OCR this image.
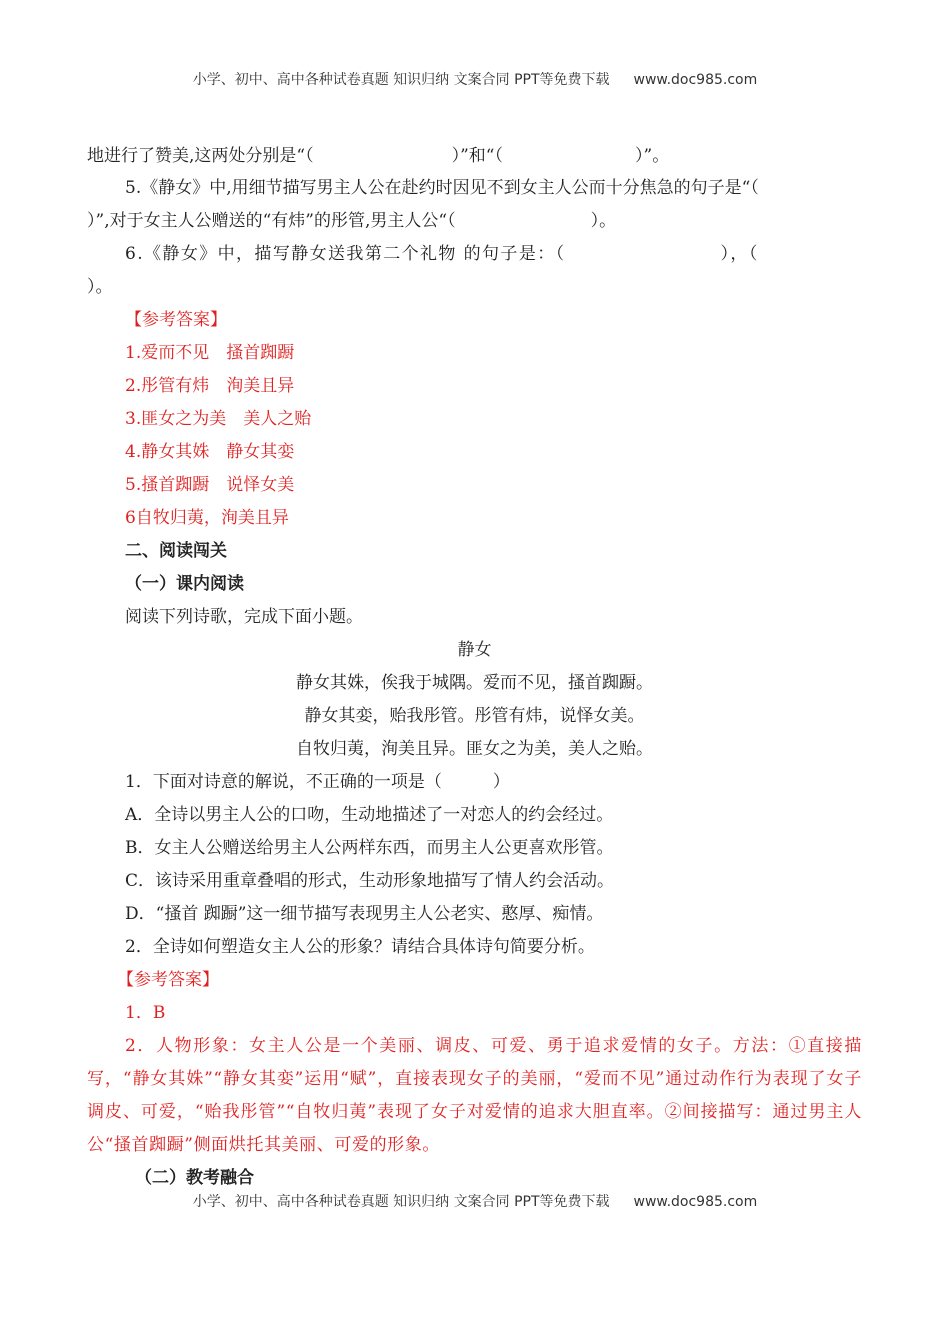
小学、初中、高中各种试卷真题 知识归纳 文案合同 PPT等免费下载 www.doc985.com
地进行了赞美,这两处分别是“（	）”和“（	）”。
5.《静女》中,用细节描写男主人公在赴约时因见不到女主人公而十分焦急的句子是“（
）”,对于女主人公赠送的“有炜”的彤管,男主人公“（	）。
6.《静女》中，描写静女送我第二个礼物 的句子是：（	），（
）。
【参考答案】
1.爱而不见　搔首踟蹰
2.彤管有炜　洵美且异
3.匪女之为美　美人之贻
4.静女其姝　静女其娈
5.搔首踟蹰　说怿女美
6自牧归荑，洵美且异
二、阅读闯关
（一）课内阅读
阅读下列诗歌，完成下面小题。
静女
静女其姝，俟我于城隅。爱而不见，搔首踟蹰。
静女其娈，贻我彤管。彤管有炜，说怿女美。
自牧归荑，洵美且异。匪女之为美，美人之贻。
1．下面对诗意的解说，不正确的一项是（　　　）
A．全诗以男主人公的口吻，生动地描述了一对恋人的约会经过。
B．女主人公赠送给男主人公两样东西，而男主人公更喜欢彤管。
C．该诗采用重章叠唱的形式，生动形象地描写了情人约会活动。
D．“搔首 踟蹰”这一细节描写表现男主人公老实、憨厚、痴情。
2．全诗如何塑造女主人公的形象？请结合具体诗句简要分析。
【参考答案】
1．B
2．人物形象：女主人公是一个美丽、调皮、可爱、勇于追求爱情的女子。方法：①直接描写，“静女其姝”“静女其娈”运用“赋”，直接表现女子的美丽，“爱而不见”通过动作行为表现了女子调皮、可爱，“贻我彤管”“自牧归荑”表现了女子对爱情的追求大胆直率。②间接描写：通过男主人公“搔首踟蹰”侧面烘托其美丽、可爱的形象。
（二）教考融合
小学、初中、高中各种试卷真题 知识归纳 文案合同 PPT等免费下载 www.doc985.com
